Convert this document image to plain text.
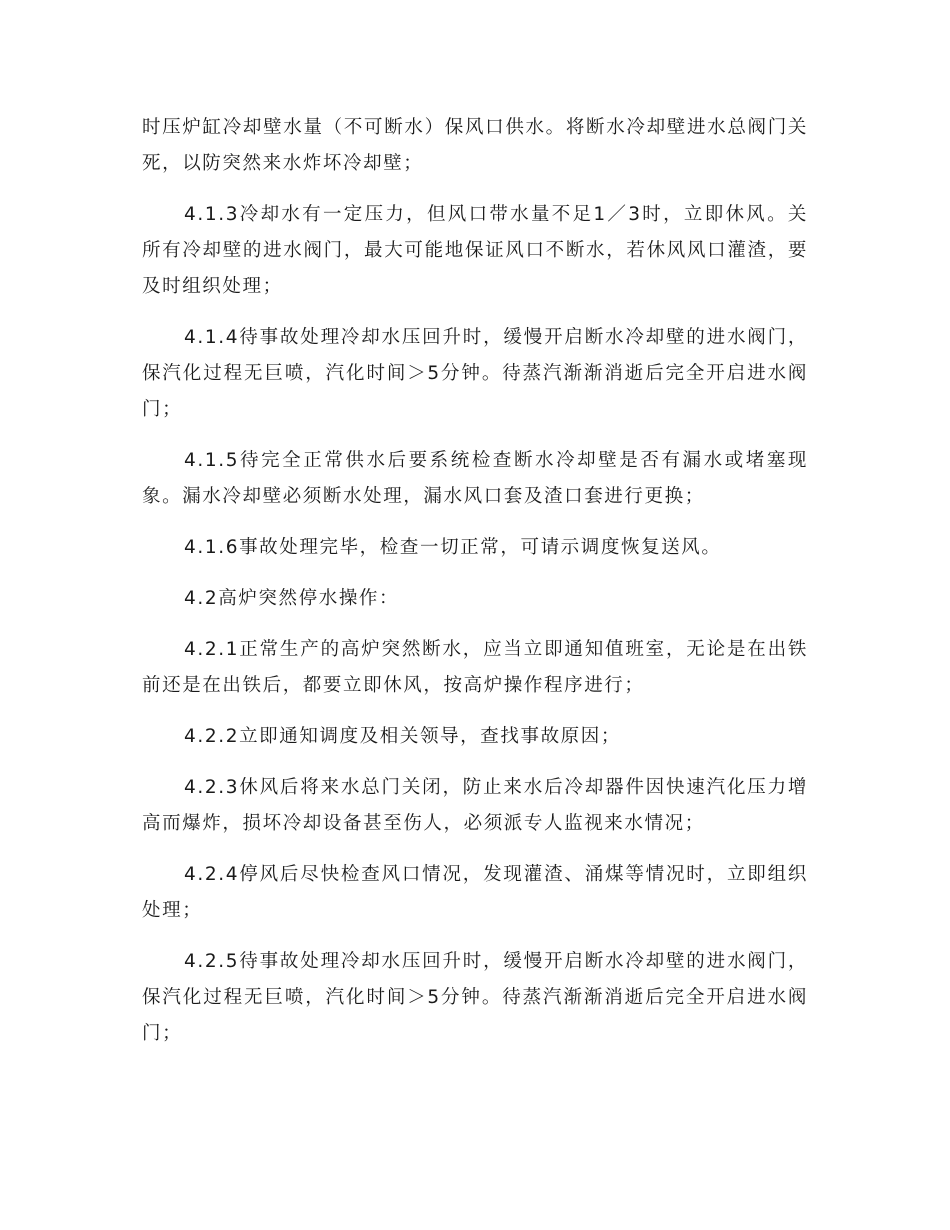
时压炉缸冷却壁水量（不可断水）保风口供水。将断水冷却壁进水总阀门关死，以防突然来水炸坏冷却壁；

4.1.3冷却水有一定压力，但风口带水量不足1／3时，立即休风。关所有冷却壁的进水阀门，最大可能地保证风口不断水，若休风风口灌渣，要及时组织处理；

4.1.4待事故处理冷却水压回升时，缓慢开启断水冷却壁的进水阀门，保汽化过程无巨喷，汽化时间＞5分钟。待蒸汽渐渐消逝后完全开启进水阀门；

4.1.5待完全正常供水后要系统检查断水冷却壁是否有漏水或堵塞现象。漏水冷却壁必须断水处理，漏水风口套及渣口套进行更换；

4.1.6事故处理完毕，检查一切正常，可请示调度恢复送风。

4.2高炉突然停水操作：

4.2.1正常生产的高炉突然断水，应当立即通知值班室，无论是在出铁前还是在出铁后，都要立即休风，按高炉操作程序进行；

4.2.2立即通知调度及相关领导，查找事故原因；

4.2.3休风后将来水总门关闭，防止来水后冷却器件因快速汽化压力增高而爆炸，损坏冷却设备甚至伤人，必须派专人监视来水情况；

4.2.4停风后尽快检查风口情况，发现灌渣、涌煤等情况时，立即组织处理；

4.2.5待事故处理冷却水压回升时，缓慢开启断水冷却壁的进水阀门，保汽化过程无巨喷，汽化时间＞5分钟。待蒸汽渐渐消逝后完全开启进水阀门；
